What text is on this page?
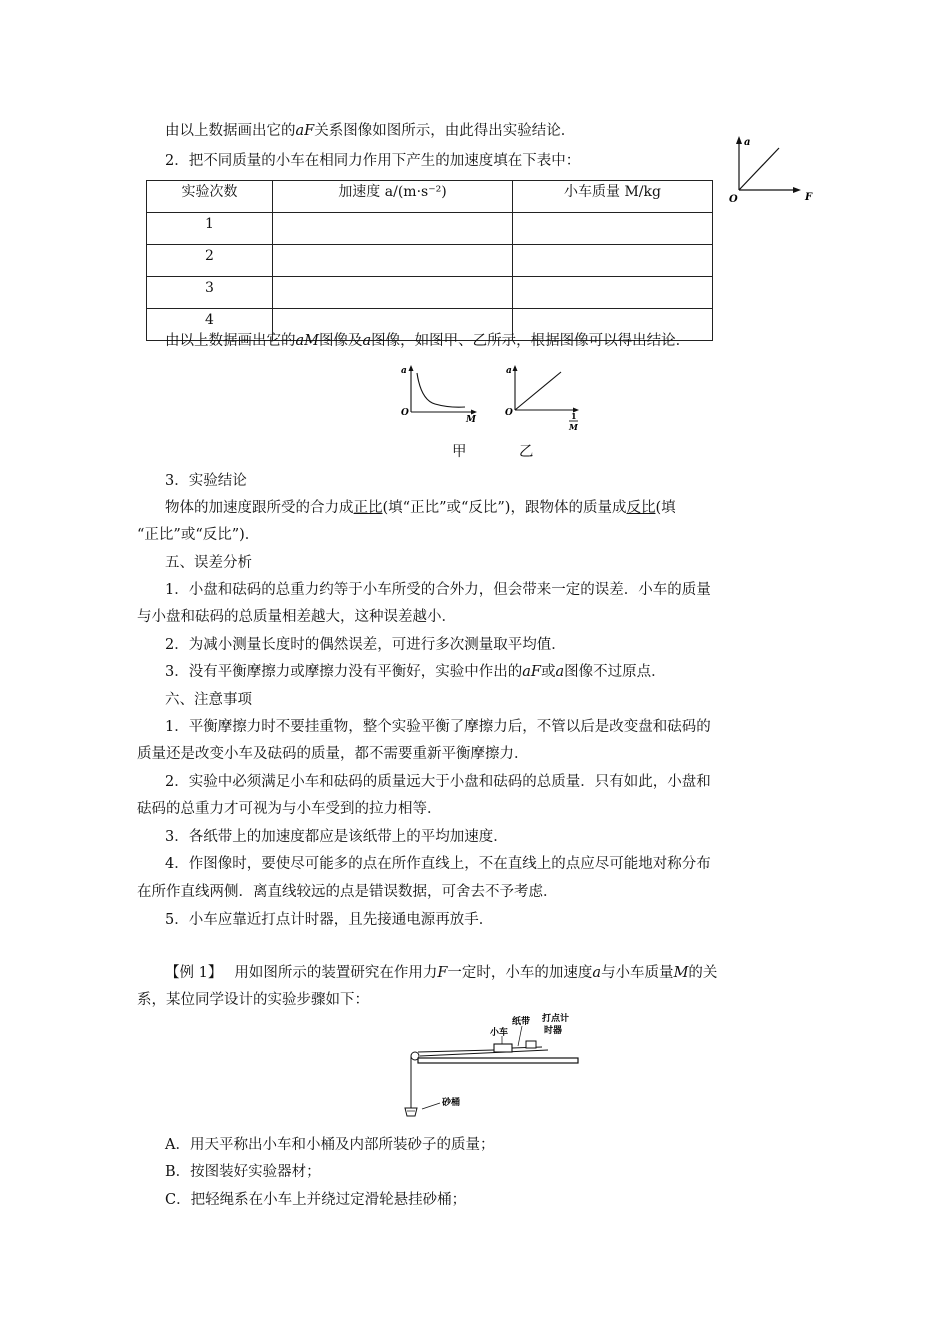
由以上数据画出它的aF关系图像如图所示，由此得出实验结论．
2．把不同质量的小车在相同力作用下产生的加速度填在下表中：
a
F
O
实验次数	加速度 a/(m·s⁻²)	小车质量 M/kg
1		
2		
3		
4		
由以上数据画出它的aM图像及a图像，如图甲、乙所示，根据图像可以得出结论．
a
M
O
a
O	1
M
甲	乙
3．实验结论
物体的加速度跟所受的合力成正比(填“正比”或“反比”)，跟物体的质量成反比(填
“正比”或“反比”)．
五、误差分析
1．小盘和砝码的总重力约等于小车所受的合外力，但会带来一定的误差．小车的质量
与小盘和砝码的总质量相差越大，这种误差越小．
2．为减小测量长度时的偶然误差，可进行多次测量取平均值．
3．没有平衡摩擦力或摩擦力没有平衡好，实验中作出的aF或a图像不过原点．
六、注意事项
1．平衡摩擦力时不要挂重物，整个实验平衡了摩擦力后，不管以后是改变盘和砝码的
质量还是改变小车及砝码的质量，都不需要重新平衡摩擦力．
2．实验中必须满足小车和砝码的质量远大于小盘和砝码的总质量．只有如此，小盘和
砝码的总重力才可视为与小车受到的拉力相等．
3．各纸带上的加速度都应是该纸带上的平均加速度．
4．作图像时，要使尽可能多的点在所作直线上，不在直线上的点应尽可能地对称分布
在所作直线两侧．离直线较远的点是错误数据，可舍去不予考虑．
5．小车应靠近打点计时器，且先接通电源再放手．
【例 1】 用如图所示的装置研究在作用力F一定时，小车的加速度a与小车质量M的关
系，某位同学设计的实验步骤如下：
砂桶
小车
纸带 打点计
时器
A．用天平称出小车和小桶及内部所装砂子的质量；
B．按图装好实验器材；
C．把轻绳系在小车上并绕过定滑轮悬挂砂桶；
